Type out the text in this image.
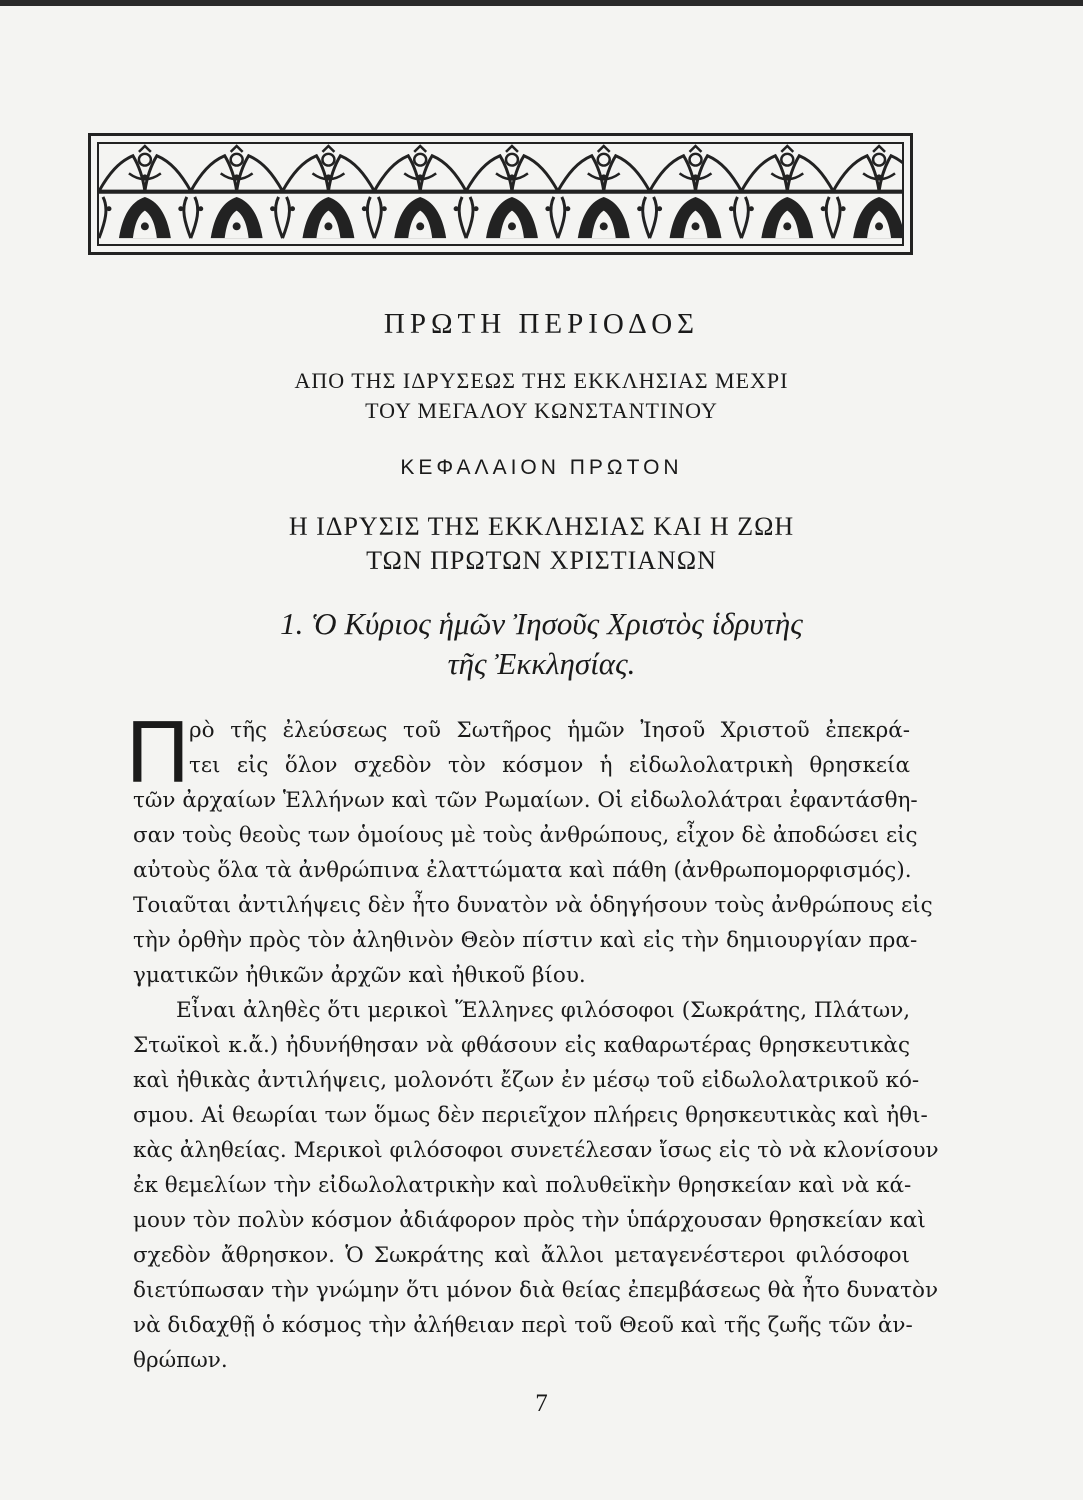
ΠΡΩΤΗ ΠΕΡΙΟΔΟΣ
ΑΠΟ ΤΗΣ ΙΔΡΥΣΕΩΣ ΤΗΣ ΕΚΚΛΗΣΙΑΣ ΜΕΧΡΙ
ΤΟΥ ΜΕΓΑΛΟΥ ΚΩΝΣΤΑΝΤΙΝΟΥ
ΚΕΦΑΛΑΙΟΝ ΠΡΩΤΟΝ
Η ΙΔΡΥΣΙΣ ΤΗΣ ΕΚΚΛΗΣΙΑΣ ΚΑΙ Η ΖΩΗ
ΤΩΝ ΠΡΩΤΩΝ ΧΡΙΣΤΙΑΝΩΝ
1. Ὁ Κύριος ἡμῶν Ἰησοῦς Χριστὸς ἱδρυτὴς
τῆς Ἐκκλησίας.
Π ρὸ τῆς ἐλεύσεως τοῦ Σωτῆρος ἡμῶν Ἰησοῦ Χριστοῦ ἐπεκρά-
τει εἰς ὅλον σχεδὸν τὸν κόσμον ἡ εἰδωλολατρικὴ θρησκεία
τῶν ἀρχαίων Ἑλλήνων καὶ τῶν Ρωμαίων. Οἱ εἰδωλολάτραι ἐφαντάσθη-
σαν τοὺς θεοὺς των ὁμοίους μὲ τοὺς ἀνθρώπους, εἶχον δὲ ἀποδώσει εἰς
αὐτοὺς ὅλα τὰ ἀνθρώπινα ἐλαττώματα καὶ πάθη (ἀνθρωπομορφισμός).
Τοιαῦται ἀντιλήψεις δὲν ἦτο δυνατὸν νὰ ὁδηγήσουν τοὺς ἀνθρώπους εἰς
τὴν ὀρθὴν πρὸς τὸν ἀληθινὸν Θεὸν πίστιν καὶ εἰς τὴν δημιουργίαν πρα-
γματικῶν ἠθικῶν ἀρχῶν καὶ ἠθικοῦ βίου.
Εἶναι ἀληθὲς ὅτι μερικοὶ Ἕλληνες φιλόσοφοι (Σωκράτης, Πλάτων,
Στωϊκοὶ κ.ἄ.) ἠδυνήθησαν νὰ φθάσουν εἰς καθαρωτέρας θρησκευτικὰς
καὶ ἠθικὰς ἀντιλήψεις, μολονότι ἔζων ἐν μέσῳ τοῦ εἰδωλολατρικοῦ κό-
σμου. Αἱ θεωρίαι των ὅμως δὲν περιεῖχον πλήρεις θρησκευτικὰς καὶ ἠθι-
κὰς ἀληθείας. Μερικοὶ φιλόσοφοι συνετέλεσαν ἴσως εἰς τὸ νὰ κλονίσουν
ἐκ θεμελίων τὴν εἰδωλολατρικὴν καὶ πολυθεϊκὴν θρησκείαν καὶ νὰ κά-
μουν τὸν πολὺν κόσμον ἀδιάφορον πρὸς τὴν ὑπάρχουσαν θρησκείαν καὶ
σχεδὸν ἄθρησκον. Ὁ Σωκράτης καὶ ἄλλοι μεταγενέστεροι φιλόσοφοι
διετύπωσαν τὴν γνώμην ὅτι μόνον διὰ θείας ἐπεμβάσεως θὰ ἦτο δυνατὸν
νὰ διδαχθῇ ὁ κόσμος τὴν ἀλήθειαν περὶ τοῦ Θεοῦ καὶ τῆς ζωῆς τῶν ἀν-
θρώπων.
7
